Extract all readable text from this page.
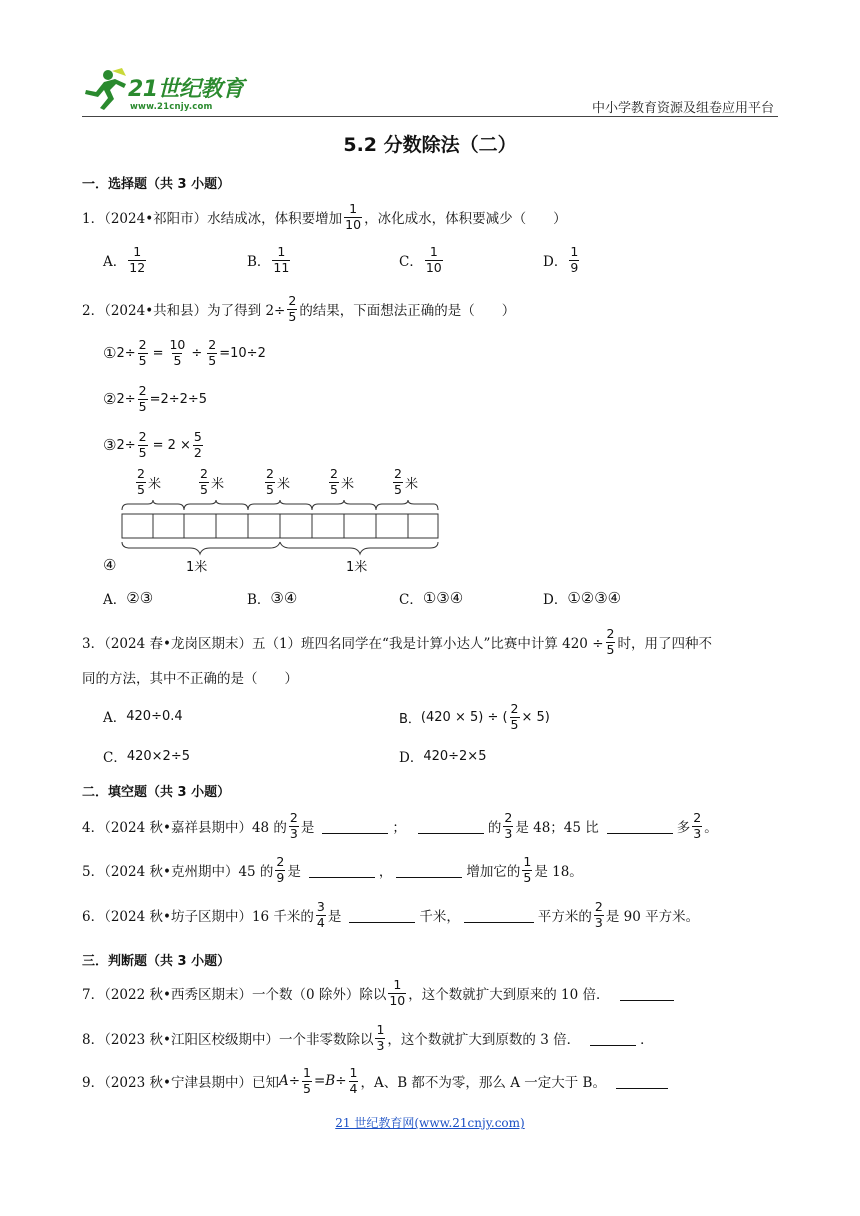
21世纪教育
www.21cnjy.com	中小学教育资源及组卷应用平台
5.2 分数除法（二）
一．选择题（共 3 小题）
1．（2024•祁阳市）水结成冰，体积要增加 $\frac{1}{10}$ ，冰化成水，体积要减少（　　）
A． $\frac{1}{12}$	B． $\frac{1}{11}$	C． $\frac{1}{10}$	D． $\frac{1}{9}$
2．（2024•共和县）为了得到 $2\div \frac{2}{5}$ 的结果，下面想法正确的是（　　）
① $2\div \frac{2}{5} = \frac{10}{5} \div \frac{2}{5} =10\div 2$
② $2\div \frac{2}{5} =2\div 2\div 5$
③ $2\div \frac{2}{5} = 2 \times \frac{5}{2}$
$\frac{2}{5}$ 米	$\frac{2}{5}$ 米	$\frac{2}{5}$ 米	$\frac{2}{5}$ 米	$\frac{2}{5}$ 米
1米	1米
④
A． ②③	B． ③④	C． ①③④	D． ①②③④
3．（2024 春•龙岗区期末）五（1）班四名同学在“我是计算小达人”比赛中计算 $420 \div \frac{2}{5}$ 时，用了四种不
同的方法，其中不正确的是（　　）
A． 420÷0.4	B． (420 × 5) ÷ ( $\frac{2}{5} \times 5$)
C． 420×2÷5	D． 420÷2×5
二．填空题（共 3 小题）
4．（2024 秋•嘉祥县期中）48 的 $\frac{2}{3}$ 是	；	的 $\frac{2}{3}$ 是 48；45 比	多 $\frac{2}{3}$ 。
5．（2024 秋•克州期中）45 的 $\frac{2}{9}$ 是	，	增加它的 $\frac{1}{5}$ 是 18。
6．（2024 秋•坊子区期中）16 千米的 $\frac{3}{4}$ 是	千米，	平方米的 $\frac{2}{3}$ 是 90 平方米。
三．判断题（共 3 小题）
7．（2022 秋•西秀区期末）一个数（0 除外）除以 $\frac{1}{10}$ ，这个数就扩大到原来的 10 倍．
8．（2023 秋•江阳区校级期中）一个非零数除以 $\frac{1}{3}$ ，这个数就扩大到原数的 3 倍．	．
9．（2023 秋•宁津县期中）已知 $A \div \frac{1}{5} = B \div \frac{1}{4}$ ，A、B 都不为零，那么 A 一定大于 B。
21 世纪教育网(www.21cnjy.com)
